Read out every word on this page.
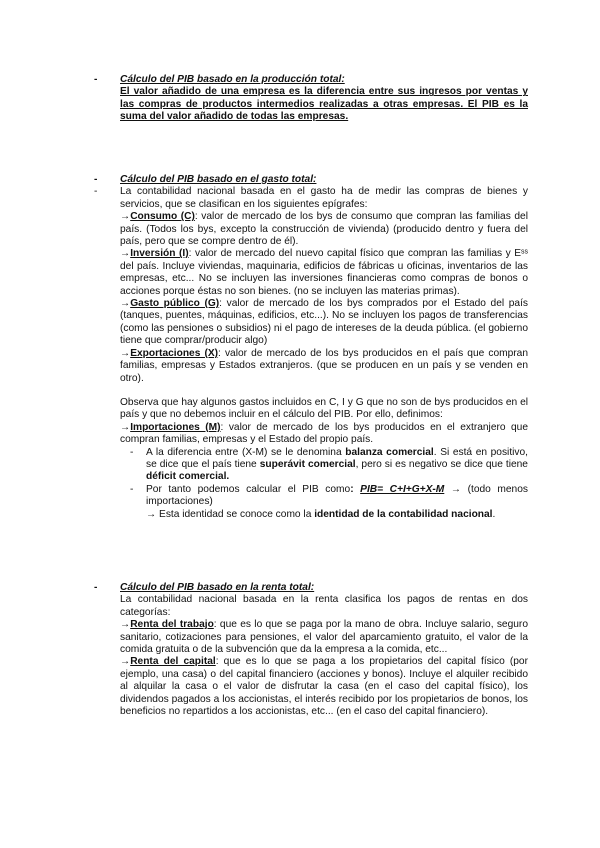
- Cálculo del PIB basado en la producción total:

El valor añadido de una empresa es la diferencia entre sus ingresos por ventas y las compras de productos intermedios realizadas a otras empresas. El PIB es la suma del valor añadido de todas las empresas.

- Cálculo del PIB basado en el gasto total:

- La contabilidad nacional basada en el gasto ha de medir las compras de bienes y servicios, que se clasifican en los siguientes epígrafes:

→Consumo (C): valor de mercado de los bys de consumo que compran las familias del país. (Todos los bys, excepto la construcción de vivienda) (producido dentro y fuera del país, pero que se compre dentro de él).

→Inversión (I): valor de mercado del nuevo capital físico que compran las familias y Eˢˢ del país. Incluye viviendas, maquinaria, edificios de fábricas u oficinas, inventarios de las empresas, etc... No se incluyen las inversiones financieras como compras de bonos o acciones porque éstas no son bienes. (no se incluyen las materias primas).

→Gasto público (G): valor de mercado de los bys comprados por el Estado del país (tanques, puentes, máquinas, edificios, etc...). No se incluyen los pagos de transferencias (como las pensiones o subsidios) ni el pago de intereses de la deuda pública. (el gobierno tiene que comprar/producir algo)

→Exportaciones (X): valor de mercado de los bys producidos en el país que compran familias, empresas y Estados extranjeros. (que se producen en un país y se venden en otro).

Observa que hay algunos gastos incluidos en C, I y G que no son de bys producidos en el país y que no debemos incluir en el cálculo del PIB. Por ello, definimos:

→Importaciones (M): valor de mercado de los bys producidos en el extranjero que compran familias, empresas y el Estado del propio país.

- A la diferencia entre (X-M) se le denomina balanza comercial. Si está en positivo, se dice que el país tiene superávit comercial, pero si es negativo se dice que tiene déficit comercial.

- Por tanto podemos calcular el PIB como: PIB= C+I+G+X-M → (todo menos importaciones)

→ Esta identidad se conoce como la identidad de la contabilidad nacional.

- Cálculo del PIB basado en la renta total:

La contabilidad nacional basada en la renta clasifica los pagos de rentas en dos categorías:

→Renta del trabajo: que es lo que se paga por la mano de obra. Incluye salario, seguro sanitario, cotizaciones para pensiones, el valor del aparcamiento gratuito, el valor de la comida gratuita o de la subvención que da la empresa a la comida, etc...

→Renta del capital: que es lo que se paga a los propietarios del capital físico (por ejemplo, una casa) o del capital financiero (acciones y bonos). Incluye el alquiler recibido al alquilar la casa o el valor de disfrutar la casa (en el caso del capital físico), los dividendos pagados a los accionistas, el interés recibido por los propietarios de bonos, los beneficios no repartidos a los accionistas, etc... (en el caso del capital financiero).
